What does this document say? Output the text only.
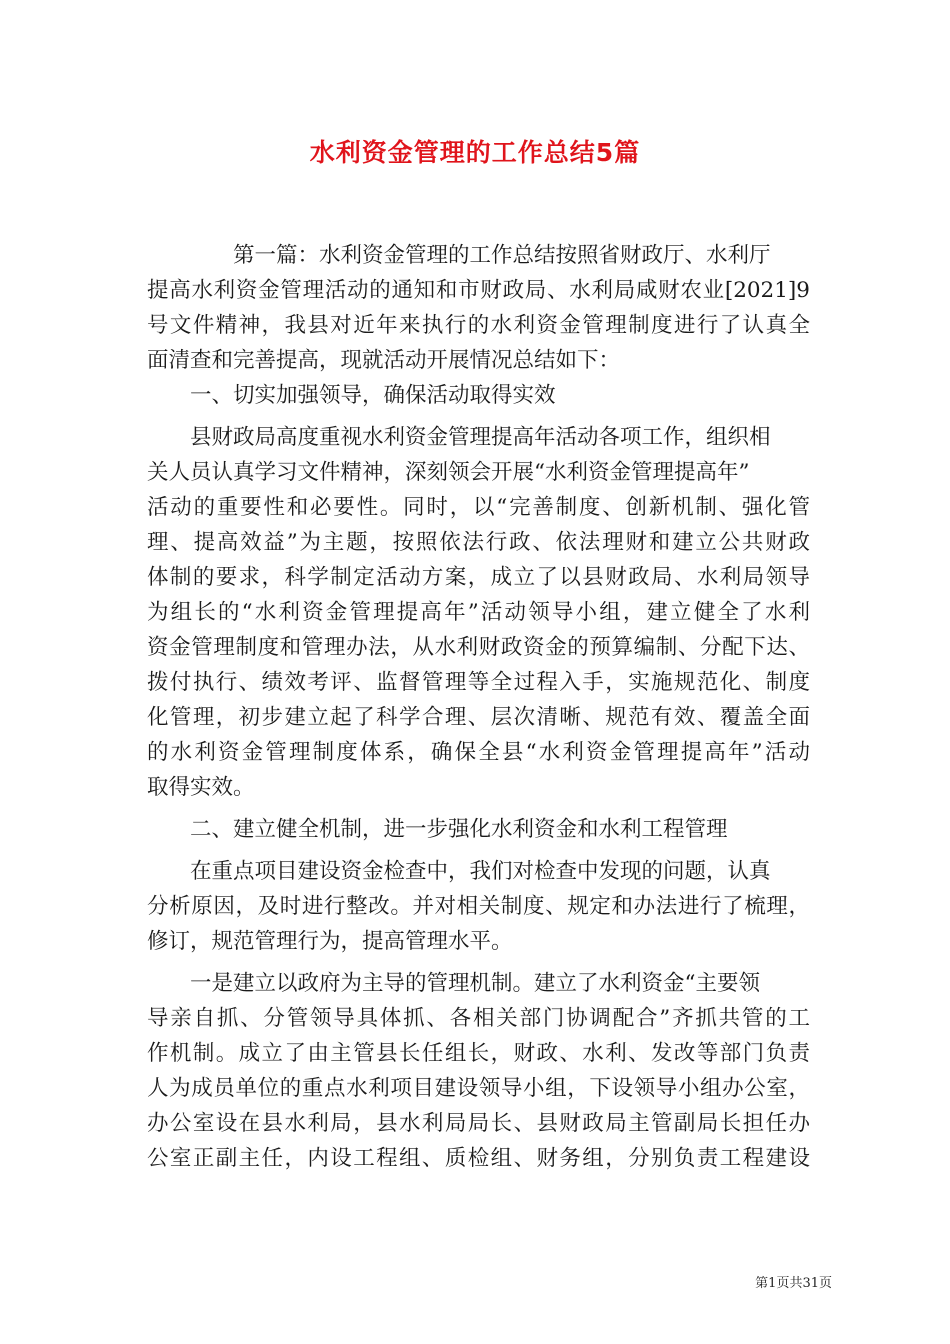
水利资金管理的工作总结5篇
第一篇：水利资金管理的工作总结按照省财政厅、水利厅
提高水利资金管理活动的通知和市财政局、水利局咸财农业[2021]9
号文件精神，我县对近年来执行的水利资金管理制度进行了认真全
面清查和完善提高，现就活动开展情况总结如下：
一、切实加强领导，确保活动取得实效
县财政局高度重视水利资金管理提高年活动各项工作，组织相
关人员认真学习文件精神，深刻领会开展“水利资金管理提高年”
活动的重要性和必要性。同时，以“完善制度、创新机制、强化管
理、提高效益”为主题，按照依法行政、依法理财和建立公共财政
体制的要求，科学制定活动方案，成立了以县财政局、水利局领导
为组长的“水利资金管理提高年”活动领导小组，建立健全了水利
资金管理制度和管理办法，从水利财政资金的预算编制、分配下达、
拨付执行、绩效考评、监督管理等全过程入手，实施规范化、制度
化管理，初步建立起了科学合理、层次清晰、规范有效、覆盖全面
的水利资金管理制度体系，确保全县“水利资金管理提高年”活动
取得实效。
二、建立健全机制，进一步强化水利资金和水利工程管理
在重点项目建设资金检查中，我们对检查中发现的问题，认真
分析原因，及时进行整改。并对相关制度、规定和办法进行了梳理，
修订，规范管理行为，提高管理水平。
一是建立以政府为主导的管理机制。建立了水利资金“主要领
导亲自抓、分管领导具体抓、各相关部门协调配合”齐抓共管的工
作机制。成立了由主管县长任组长，财政、水利、发改等部门负责
人为成员单位的重点水利项目建设领导小组，下设领导小组办公室，
办公室设在县水利局，县水利局局长、县财政局主管副局长担任办
公室正副主任，内设工程组、质检组、财务组，分别负责工程建设
第1页共31页
